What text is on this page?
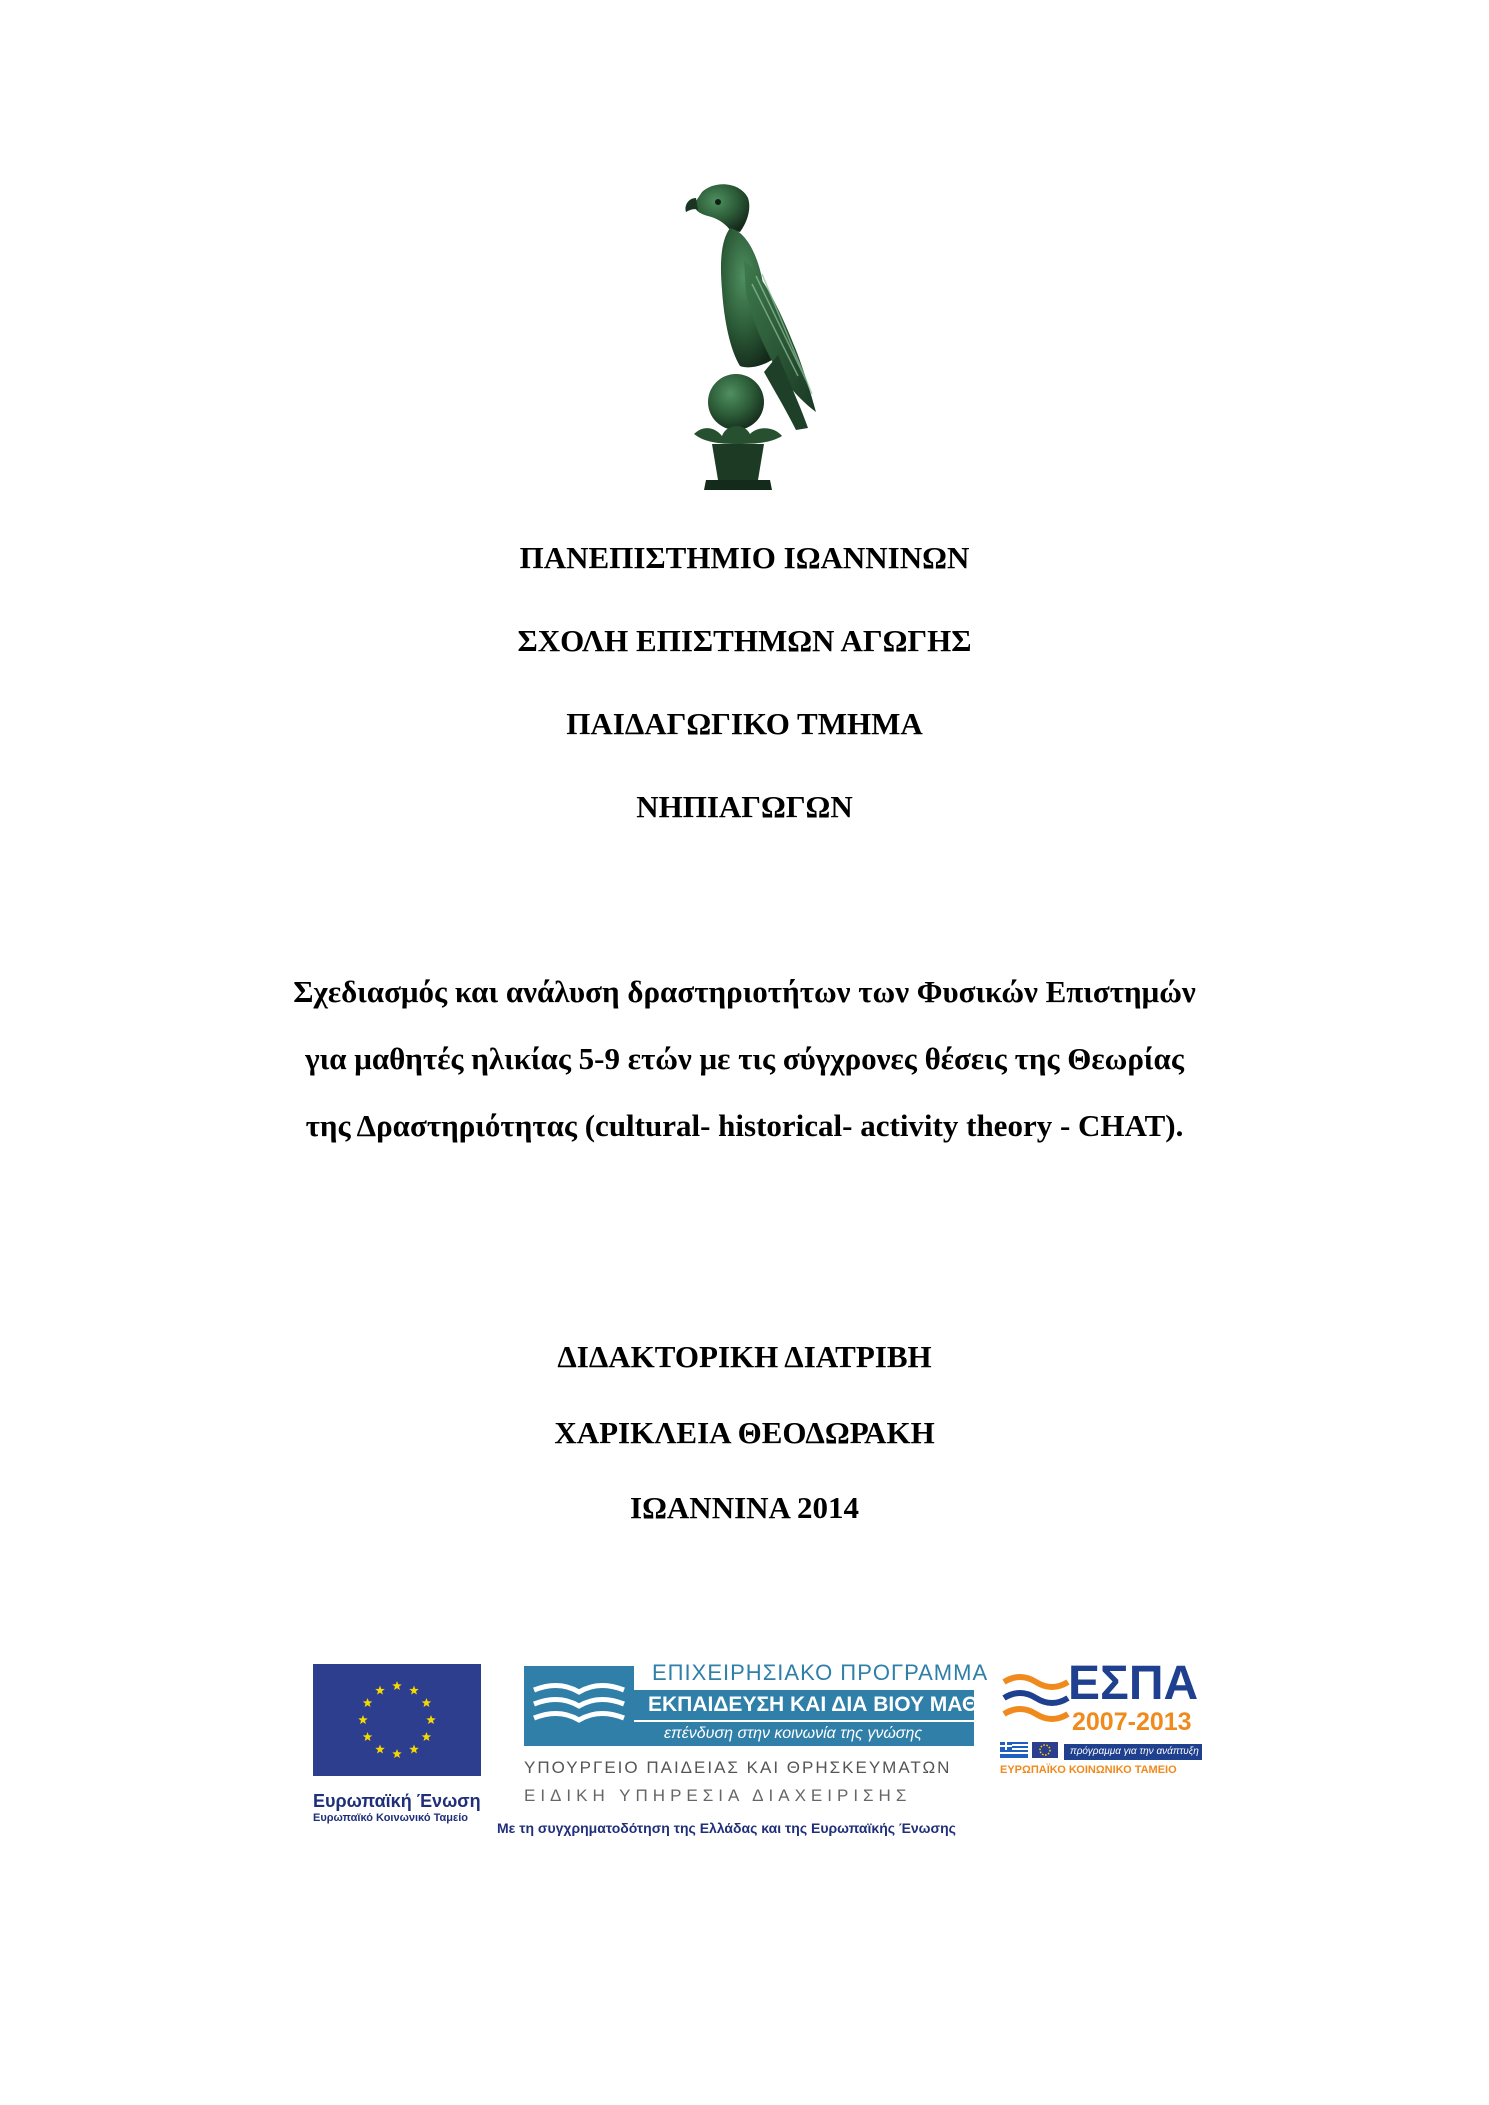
ΠΑΝΕΠΙΣΤΗΜΙΟ ΙΩΑΝΝΙΝΩΝ
ΣΧΟΛΗ ΕΠΙΣΤΗΜΩΝ ΑΓΩΓΗΣ
ΠΑΙΔΑΓΩΓΙΚΟ ΤΜΗΜΑ
ΝΗΠΙΑΓΩΓΩΝ
Σχεδιασμός και ανάλυση δραστηριοτήτων των Φυσικών Επιστημών
για μαθητές ηλικίας 5-9 ετών με τις σύγχρονες θέσεις της Θεωρίας
της Δραστηριότητας (cultural- historical- activity theory - CHAT).
ΔΙΔΑΚΤΟΡΙΚΗ ΔΙΑΤΡΙΒΗ
ΧΑΡΙΚΛΕΙΑ ΘΕΟΔΩΡΑΚΗ
ΙΩΑΝΝΙΝΑ 2014
Ευρωπαϊκή Ένωση
Ευρωπαϊκό Κοινωνικό Ταμείο
ΕΠΙΧΕΙΡΗΣΙΑΚΟ ΠΡΟΓΡΑΜΜΑ
ΕΚΠΑΙΔΕΥΣΗ ΚΑΙ ΔΙΑ ΒΙΟΥ ΜΑΘΗΣΗ
επένδυση στην κοινωνία της γνώσης
ΥΠΟΥΡΓΕΙΟ ΠΑΙΔΕΙΑΣ ΚΑΙ ΘΡΗΣΚΕΥΜΑΤΩΝ
ΕΙΔΙΚΗ ΥΠΗΡΕΣΙΑ ΔΙΑΧΕΙΡΙΣΗΣ
ΕΣΠΑ
2007-2013
πρόγραμμα για την ανάπτυξη
ΕΥΡΩΠΑΪΚΟ ΚΟΙΝΩΝΙΚΟ ΤΑΜΕΙΟ
Με τη συγχρηματοδότηση της Ελλάδας και της Ευρωπαϊκής Ένωσης
